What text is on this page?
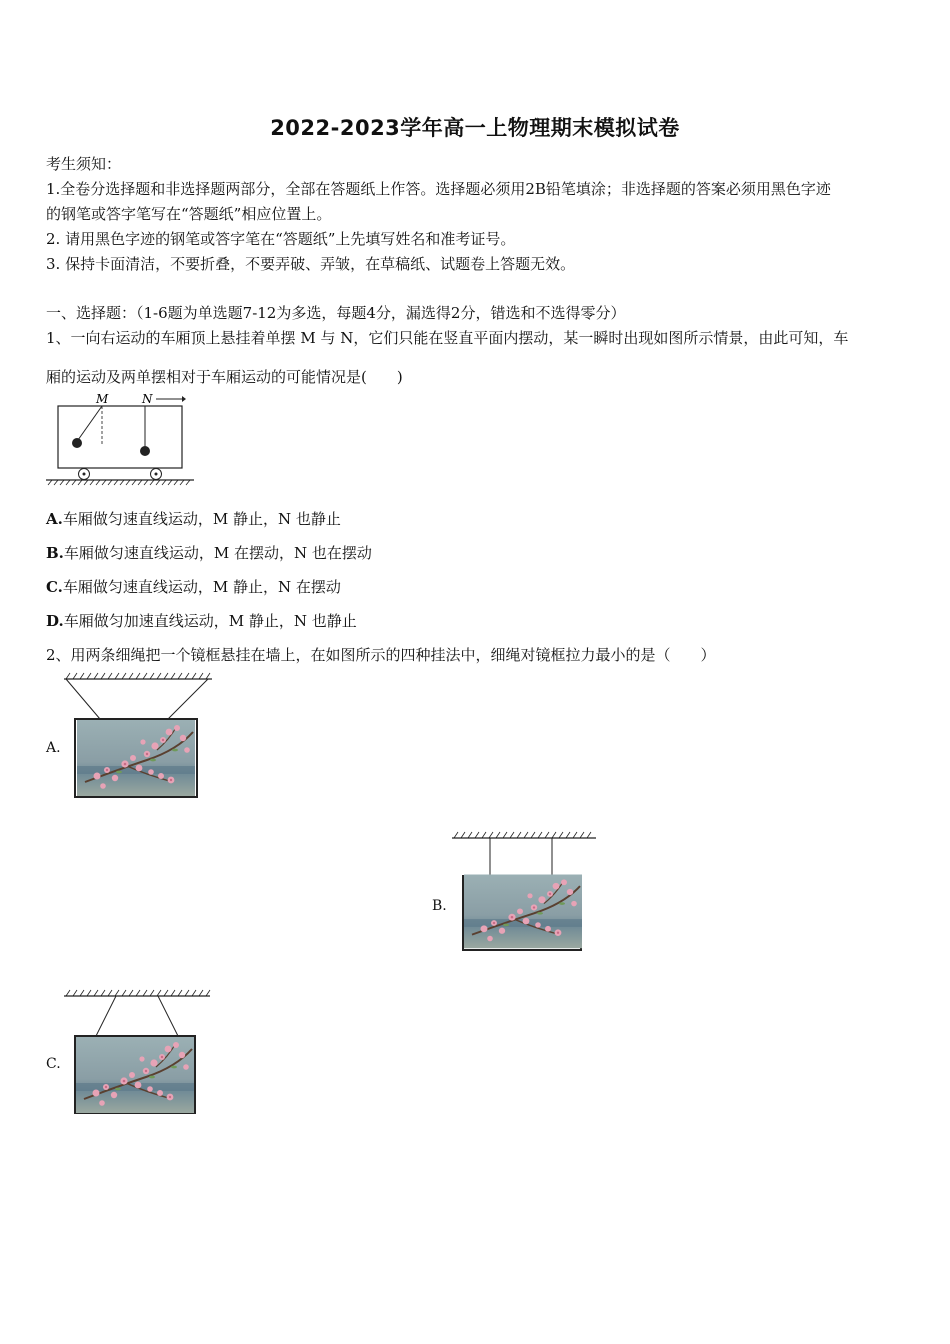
2022-2023学年高一上物理期末模拟试卷
考生须知：
1.全卷分选择题和非选择题两部分，全部在答题纸上作答。选择题必须用2B铅笔填涂；非选择题的答案必须用黑色字迹
的钢笔或答字笔写在“答题纸”相应位置上。
2. 请用黑色字迹的钢笔或答字笔在“答题纸”上先填写姓名和准考证号。
3. 保持卡面清洁，不要折叠，不要弄破、弄皱，在草稿纸、试题卷上答题无效。
一、选择题：（1-6题为单选题7-12为多选，每题4分，漏选得2分，错选和不选得零分）
1、一向右运动的车厢顶上悬挂着单摆 M 与 N，它们只能在竖直平面内摆动，某一瞬时出现如图所示情景，由此可知，车
厢的运动及两单摆相对于车厢运动的可能情况是(　　)
M	N
A.车厢做匀速直线运动，M 静止，N 也静止
B.车厢做匀速直线运动，M 在摆动，N 也在摆动
C.车厢做匀速直线运动，M 静止，N 在摆动
D.车厢做匀加速直线运动，M 静止，N 也静止
2、用两条细绳把一个镜框悬挂在墙上，在如图所示的四种挂法中，细绳对镜框拉力最小的是（　　）
A.
B.
C.
